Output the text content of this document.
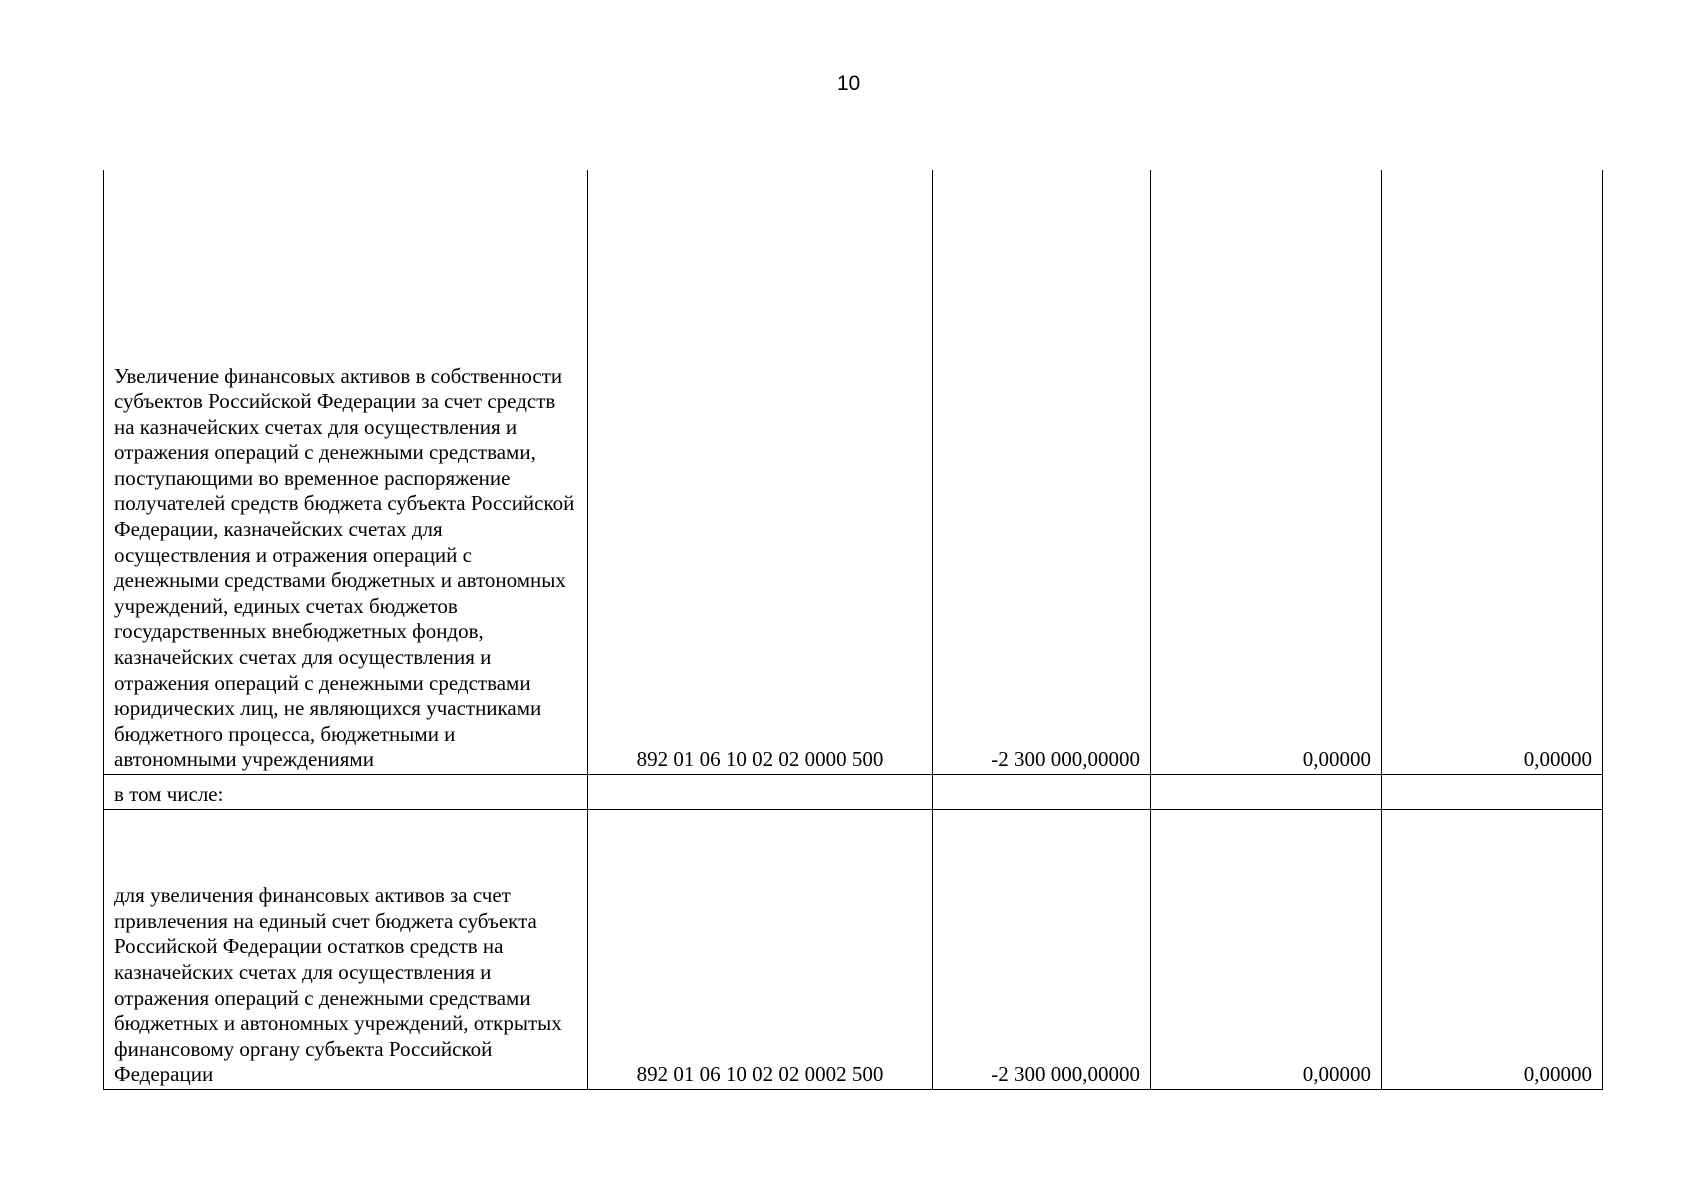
10
Увеличение финансовых активов в собственности субъектов Российской Федерации за счет средств на казначейских счетах для осуществления и отражения операций с денежными средствами, поступающими во временное распоряжение получателей средств бюджета субъекта Российской Федерации, казначейских счетах для осуществления и отражения операций с денежными средствами бюджетных и автономных учреждений, единых счетах бюджетов государственных внебюджетных фондов, казначейских счетах для осуществления и отражения операций с денежными средствами юридических лиц, не являющихся участниками бюджетного процесса, бюджетными и автономными учреждениями	892 01 06 10 02 02 0000 500	-2 300 000,00000	0,00000	0,00000
в том числе:				
для увеличения финансовых активов за счет привлечения на единый счет бюджета субъекта Российской Федерации остатков средств на казначейских счетах для осуществления и отражения операций с денежными средствами бюджетных и автономных учреждений, открытых финансовому органу субъекта Российской Федерации	892 01 06 10 02 02 0002 500	-2 300 000,00000	0,00000	0,00000
